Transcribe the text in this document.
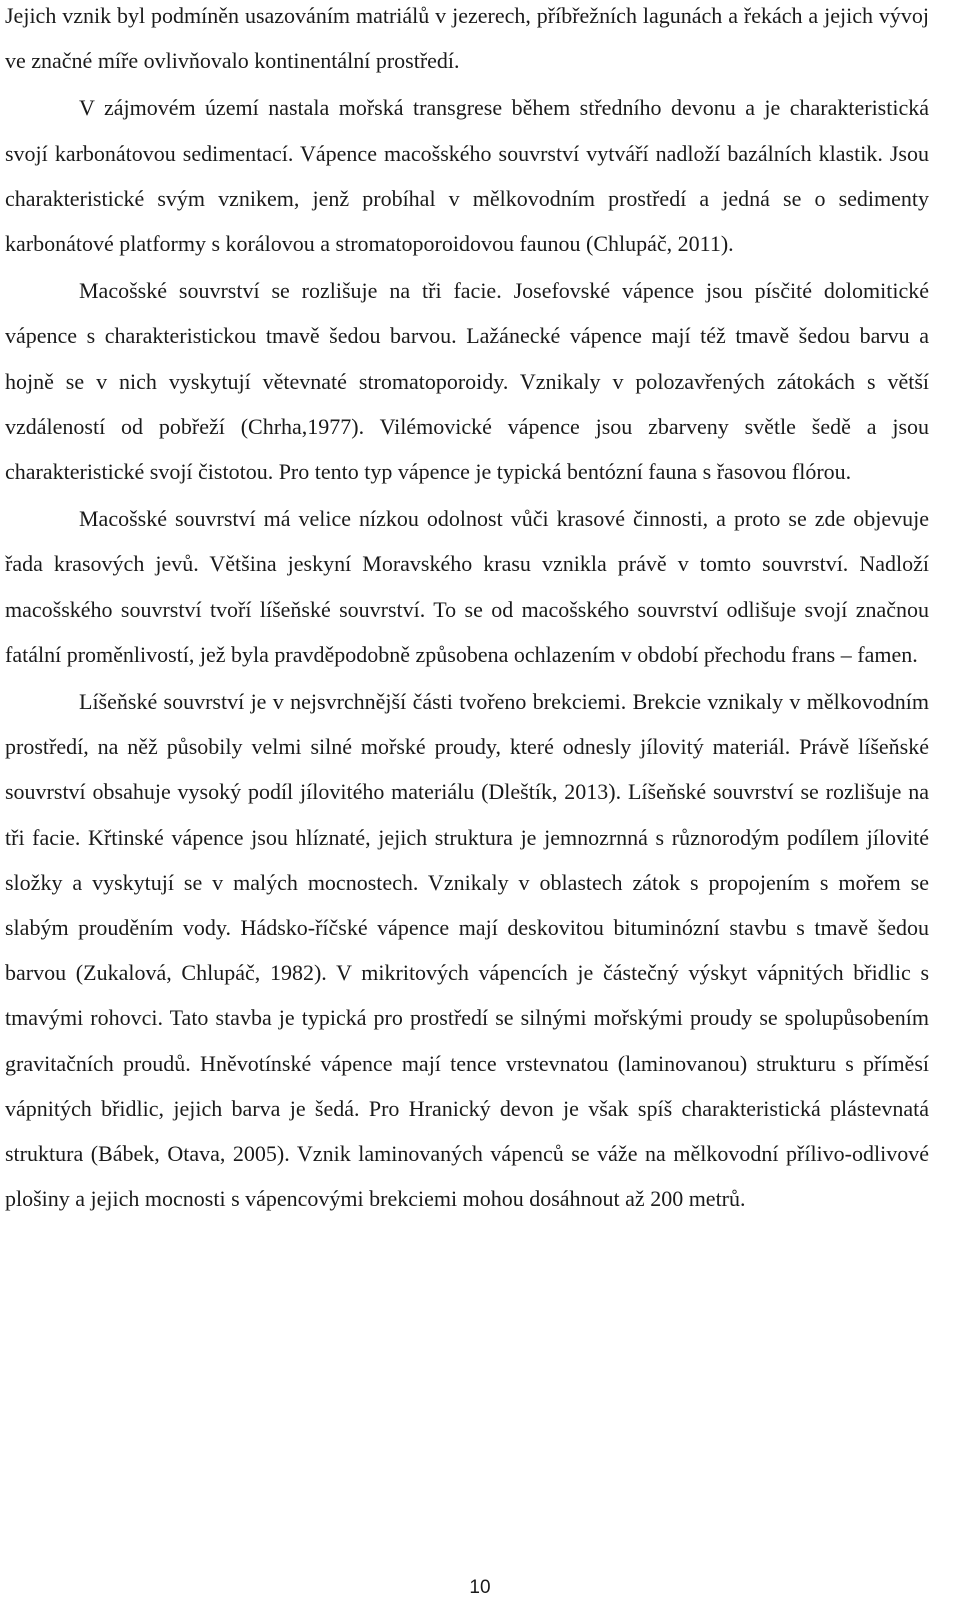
Jejich vznik byl podmíněn usazováním matriálů v jezerech, příbřežních lagunách a řekách a jejich vývoj ve značné míře ovlivňovalo kontinentální prostředí.

V zájmovém území nastala mořská transgrese během středního devonu a je charakteristická svojí karbonátovou sedimentací. Vápence macošského souvrství vytváří nadloží bazálních klastik. Jsou charakteristické svým vznikem, jenž probíhal v mělkovodním prostředí a jedná se o sedimenty karbonátové platformy s korálovou a stromatoporoidovou faunou (Chlupáč, 2011).

Macošské souvrství se rozlišuje na tři facie. Josefovské vápence jsou písčité dolomitické vápence s charakteristickou tmavě šedou barvou. Lažánecké vápence mají též tmavě šedou barvu a hojně se v nich vyskytují větevnaté stromatoporoidy. Vznikaly v polozavřených zátokách s větší vzdáleností od pobřeží (Chrha,1977). Vilémovické vápence jsou zbarveny světle šedě a jsou charakteristické svojí čistotou. Pro tento typ vápence je typická bentózní fauna s řasovou flórou.

Macošské souvrství má velice nízkou odolnost vůči krasové činnosti, a proto se zde objevuje řada krasových jevů. Většina jeskyní Moravského krasu vznikla právě v tomto souvrství. Nadloží macošského souvrství tvoří líšeňské souvrství. To se od macošského souvrství odlišuje svojí značnou fatální proměnlivostí, jež byla pravděpodobně způsobena ochlazením v období přechodu frans – famen.

Líšeňské souvrství je v nejsvrchnější části tvořeno brekciemi. Brekcie vznikaly v mělkovodním prostředí, na něž působily velmi silné mořské proudy, které odnesly jílovitý materiál. Právě líšeňské souvrství obsahuje vysoký podíl jílovitého materiálu (Dleštík, 2013). Líšeňské souvrství se rozlišuje na tři facie. Křtinské vápence jsou hlíznaté, jejich struktura je jemnozrnná s různorodým podílem jílovité složky a vyskytují se v malých mocnostech. Vznikaly v oblastech zátok s propojením s mořem se slabým prouděním vody. Hádsko-říčské vápence mají deskovitou bituminózní stavbu s tmavě šedou barvou (Zukalová, Chlupáč, 1982). V mikritových vápencích je částečný výskyt vápnitých břidlic s tmavými rohovci. Tato stavba je typická pro prostředí se silnými mořskými proudy se spolupůsobením gravitačních proudů. Hněvotínské vápence mají tence vrstevnatou (laminovanou) strukturu s příměsí vápnitých břidlic, jejich barva je šedá. Pro Hranický devon je však spíš charakteristická plástevnatá struktura (Bábek, Otava, 2005). Vznik laminovaných vápenců se váže na mělkovodní přílivo-odlivové plošiny a jejich mocnosti s vápencovými brekciemi mohou dosáhnout až 200 metrů.

10
